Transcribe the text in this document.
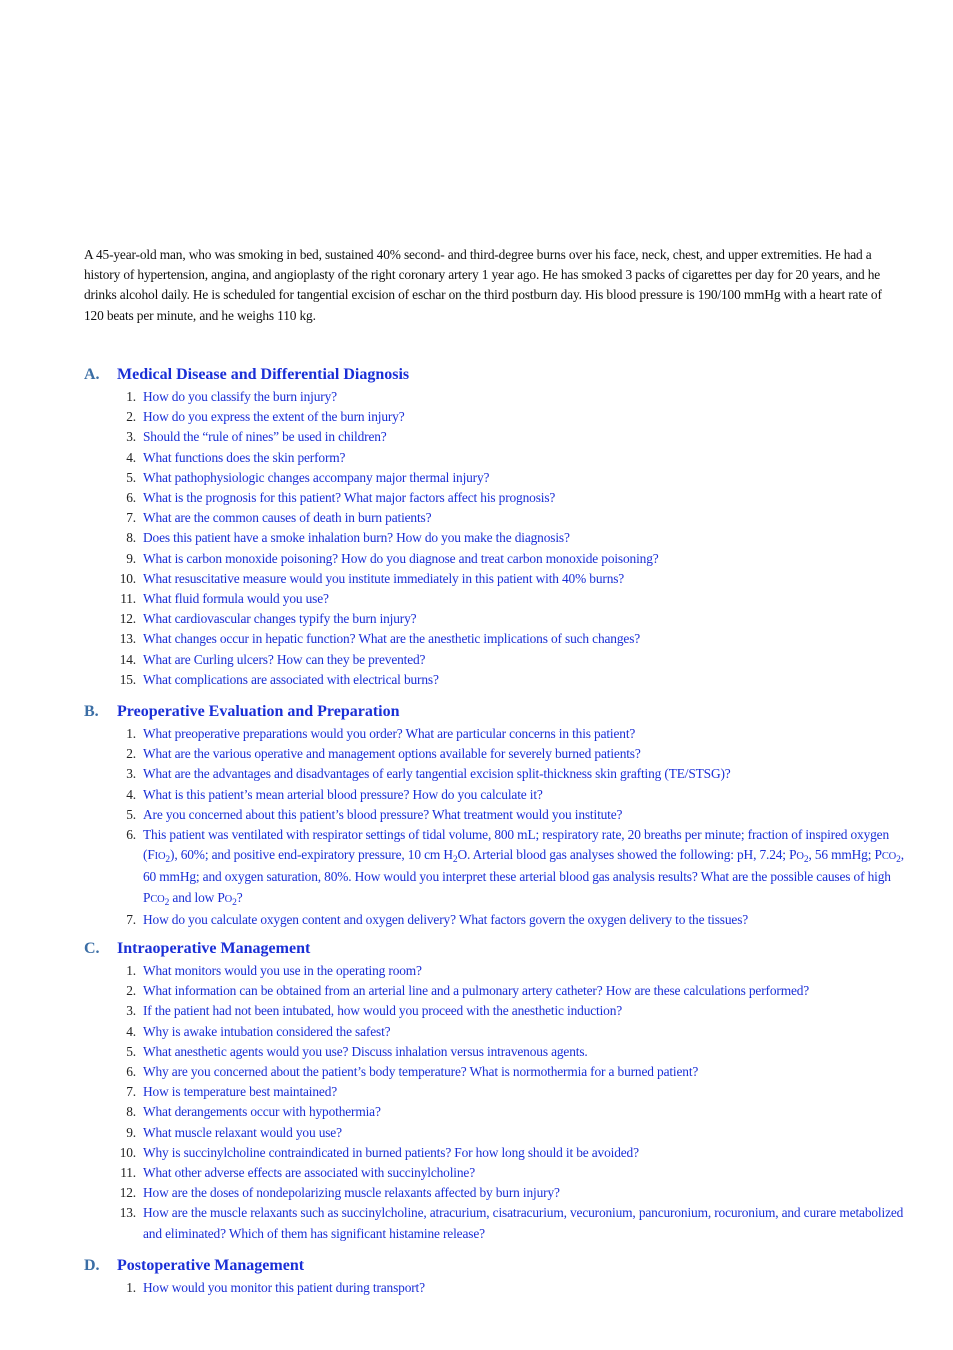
A 45-year-old man, who was smoking in bed, sustained 40% second- and third-degree burns over his face, neck, chest, and upper extremities. He had a history of hypertension, angina, and angioplasty of the right coronary artery 1 year ago. He has smoked 3 packs of cigarettes per day for 20 years, and he drinks alcohol daily. He is scheduled for tangential excision of eschar on the third postburn day. His blood pressure is 190/100 mmHg with a heart rate of 120 beats per minute, and he weighs 110 kg.

A. Medical Disease and Differential Diagnosis
1. How do you classify the burn injury?
2. How do you express the extent of the burn injury?
3. Should the “rule of nines” be used in children?
4. What functions does the skin perform?
5. What pathophysiologic changes accompany major thermal injury?
6. What is the prognosis for this patient? What major factors affect his prognosis?
7. What are the common causes of death in burn patients?
8. Does this patient have a smoke inhalation burn? How do you make the diagnosis?
9. What is carbon monoxide poisoning? How do you diagnose and treat carbon monoxide poisoning?
10. What resuscitative measure would you institute immediately in this patient with 40% burns?
11. What fluid formula would you use?
12. What cardiovascular changes typify the burn injury?
13. What changes occur in hepatic function? What are the anesthetic implications of such changes?
14. What are Curling ulcers? How can they be prevented?
15. What complications are associated with electrical burns?
B. Preoperative Evaluation and Preparation
1. What preoperative preparations would you order? What are particular concerns in this patient?
2. What are the various operative and management options available for severely burned patients?
3. What are the advantages and disadvantages of early tangential excision split-thickness skin grafting (TE/STSG)?
4. What is this patient’s mean arterial blood pressure? How do you calculate it?
5. Are you concerned about this patient’s blood pressure? What treatment would you institute?
6. This patient was ventilated with respirator settings of tidal volume, 800 mL; respiratory rate, 20 breaths per minute; fraction of inspired oxygen $(FIO_2)$, 60%; and positive end-expiratory pressure, 10 cm $H_2O$. Arterial blood gas analyses showed the following: pH, 7.24; $PO_2$, 56 mmHg; $PCO_2$, 60 mmHg; and oxygen saturation, 80%. How would you interpret these arterial blood gas analysis results? What are the possible causes of high $PCO_2$ and low $PO_2$?
7. How do you calculate oxygen content and oxygen delivery? What factors govern the oxygen delivery to the tissues?
C. Intraoperative Management
1. What monitors would you use in the operating room?
2. What information can be obtained from an arterial line and a pulmonary artery catheter? How are these calculations performed?
3. If the patient had not been intubated, how would you proceed with the anesthetic induction?
4. Why is awake intubation considered the safest?
5. What anesthetic agents would you use? Discuss inhalation versus intravenous agents.
6. Why are you concerned about the patient’s body temperature? What is normothermia for a burned patient?
7. How is temperature best maintained?
8. What derangements occur with hypothermia?
9. What muscle relaxant would you use?
10. Why is succinylcholine contraindicated in burned patients? For how long should it be avoided?
11. What other adverse effects are associated with succinylcholine?
12. How are the doses of nondepolarizing muscle relaxants affected by burn injury?
13. How are the muscle relaxants such as succinylcholine, atracurium, cisatracurium, vecuronium, pancuronium, rocuronium, and curare metabolized and eliminated? Which of them has significant histamine release?
D. Postoperative Management
1. How would you monitor this patient during transport?
